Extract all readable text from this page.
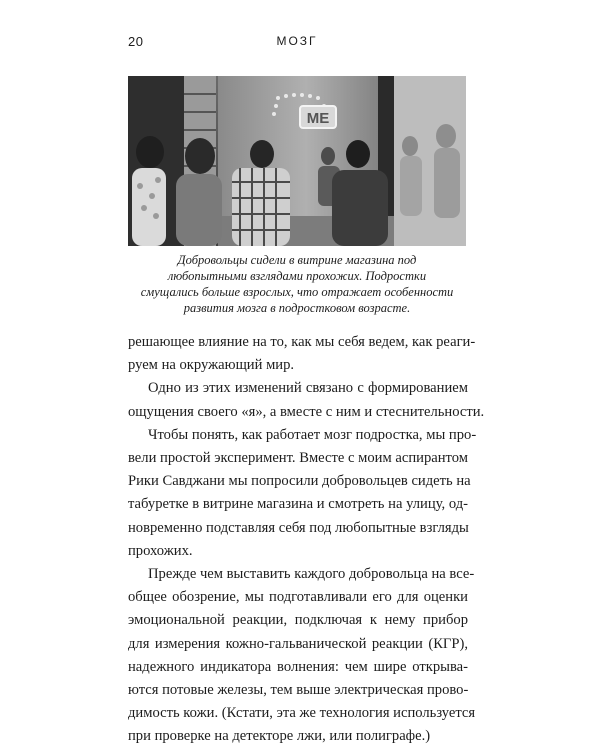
20	МОЗГ
ME
Добровольцы сидели в витрине магазина под
любопытными взглядами прохожих. Подростки
смущались больше взрослых, что отражает особенности
развития мозга в подростковом возрасте.

решающее влияние на то, как мы себя ведем, как реаги-
руем на окружающий мир.

Одно из этих изменений связано с формированием
ощущения своего «я», а вместе с ним и стеснительности.

Чтобы понять, как работает мозг подростка, мы про-
вели простой эксперимент. Вместе с моим аспирантом
Рики Савджани мы попросили добровольцев сидеть на
табуретке в витрине магазина и смотреть на улицу, од-
новременно подставляя себя под любопытные взгляды
прохожих.

Прежде чем выставить каждого добровольца на все-
общее обозрение, мы подготавливали его для оценки
эмоциональной реакции, подключая к нему прибор
для измерения кожно-гальванической реакции (КГР),
надежного индикатора волнения: чем шире открыва-
ются потовые железы, тем выше электрическая прово-
димость кожи. (Кстати, эта же технология используется
при проверке на детекторе лжи, или полиграфе.)
